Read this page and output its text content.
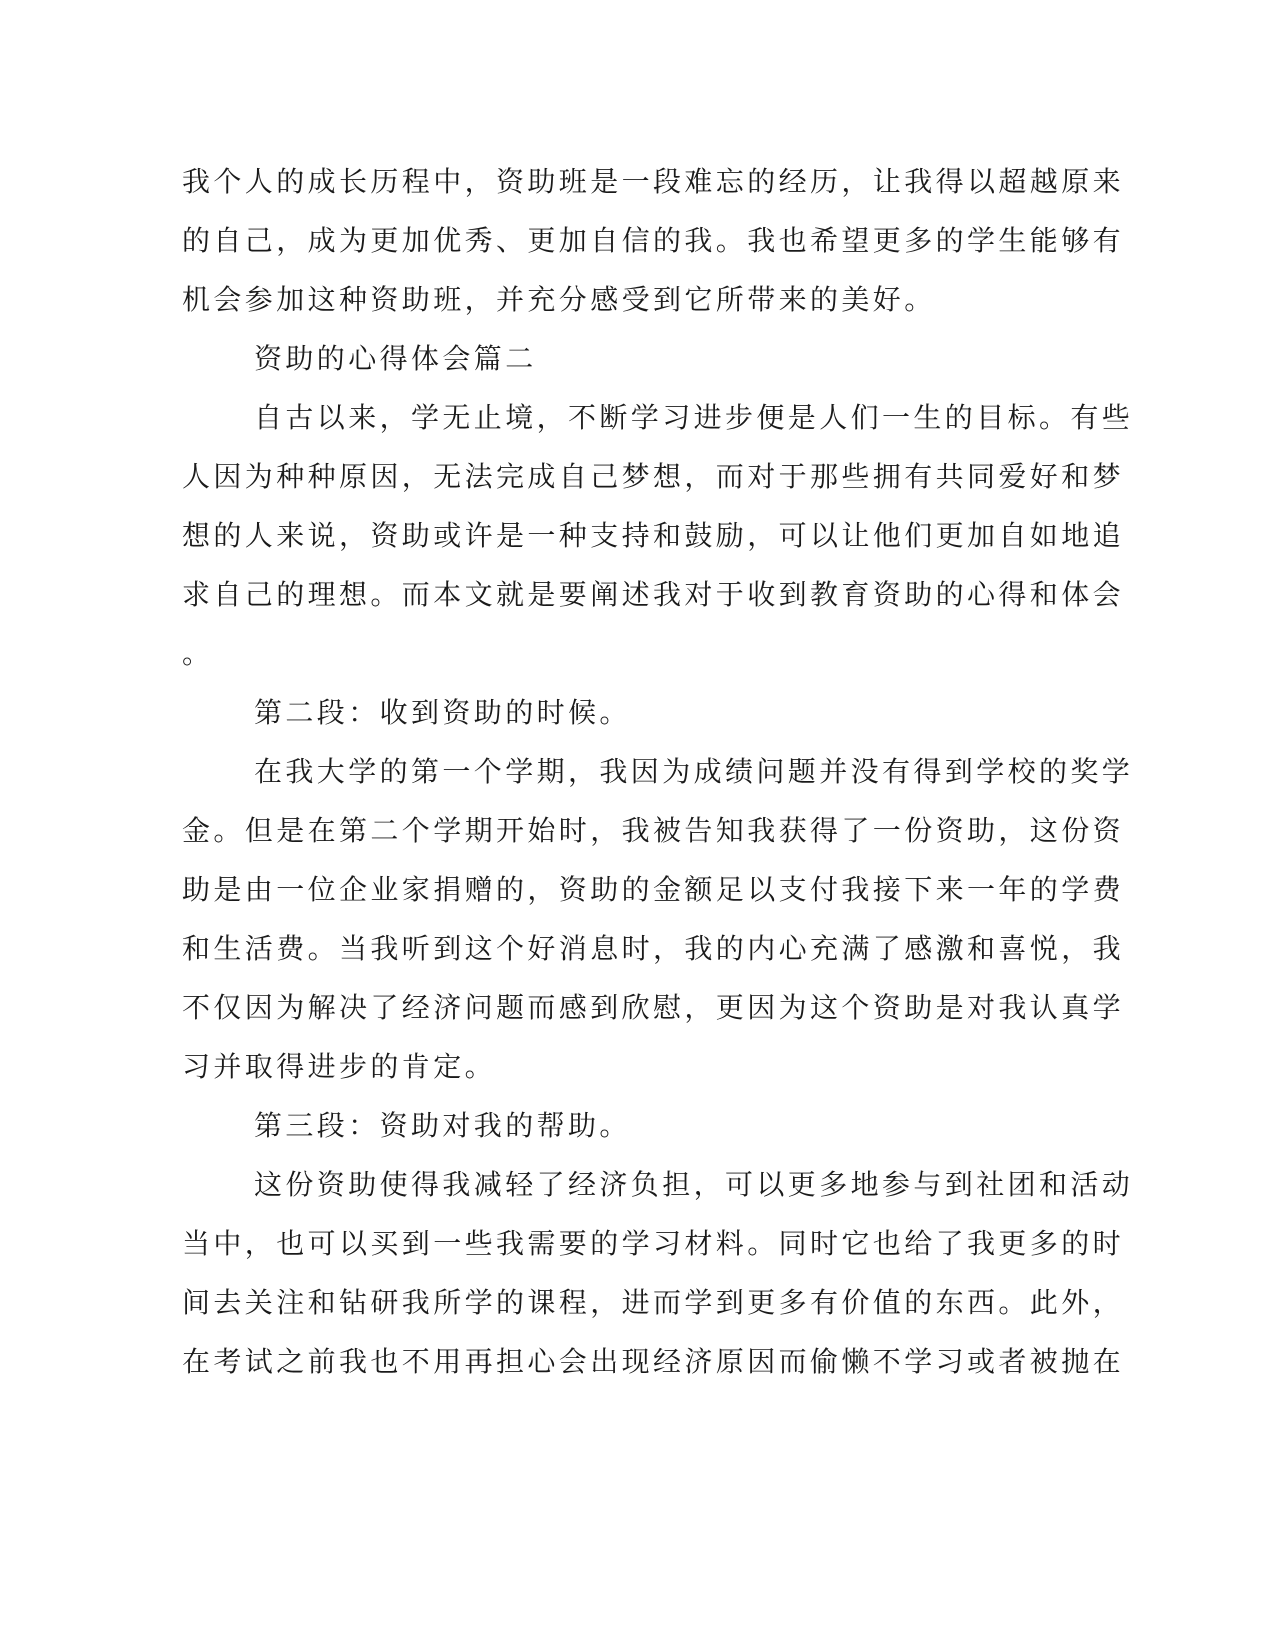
我个人的成长历程中，资助班是一段难忘的经历，让我得以超越原来
的自己，成为更加优秀、更加自信的我。我也希望更多的学生能够有
机会参加这种资助班，并充分感受到它所带来的美好。
资助的心得体会篇二
自古以来，学无止境，不断学习进步便是人们一生的目标。有些
人因为种种原因，无法完成自己梦想，而对于那些拥有共同爱好和梦
想的人来说，资助或许是一种支持和鼓励，可以让他们更加自如地追
求自己的理想。而本文就是要阐述我对于收到教育资助的心得和体会
。
第二段：收到资助的时候。
在我大学的第一个学期，我因为成绩问题并没有得到学校的奖学
金。但是在第二个学期开始时，我被告知我获得了一份资助，这份资
助是由一位企业家捐赠的，资助的金额足以支付我接下来一年的学费
和生活费。当我听到这个好消息时，我的内心充满了感激和喜悦，我
不仅因为解决了经济问题而感到欣慰，更因为这个资助是对我认真学
习并取得进步的肯定。
第三段：资助对我的帮助。
这份资助使得我减轻了经济负担，可以更多地参与到社团和活动
当中，也可以买到一些我需要的学习材料。同时它也给了我更多的时
间去关注和钻研我所学的课程，进而学到更多有价值的东西。此外，
在考试之前我也不用再担心会出现经济原因而偷懒不学习或者被抛在
